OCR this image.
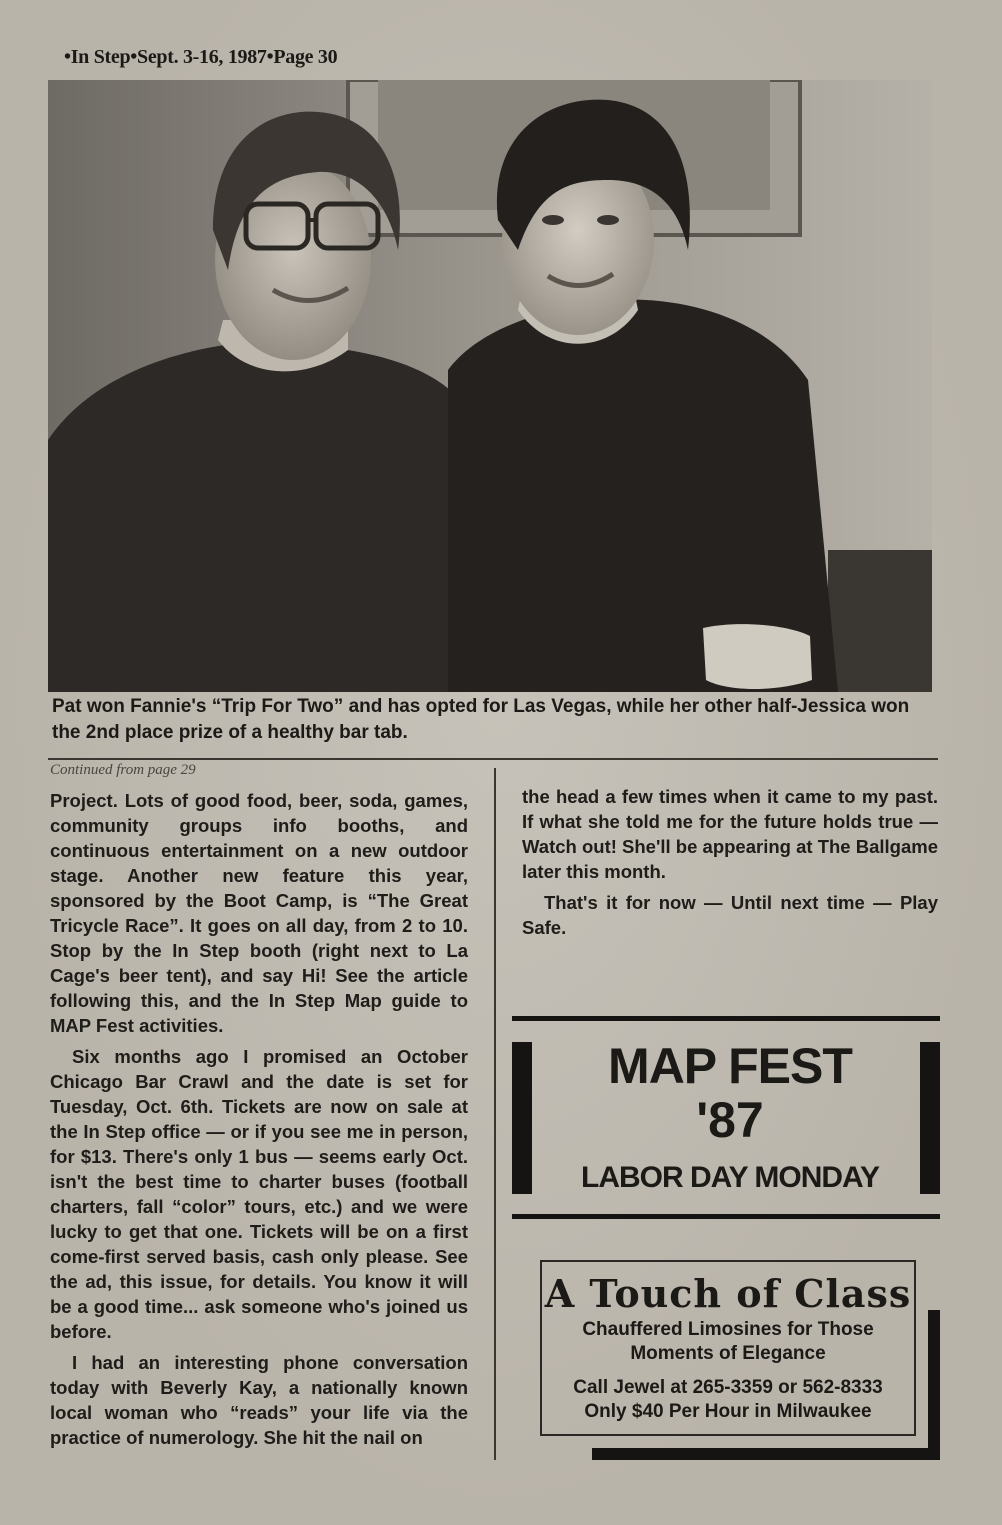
•In Step•Sept. 3-16, 1987•Page 30
Pat won Fannie's “Trip For Two” and has opted for Las Vegas, while her other half-Jessica won the 2nd place prize of a healthy bar tab.
Continued from page 29

Project. Lots of good food, beer, soda, games, community groups info booths, and continuous entertainment on a new outdoor stage. Another new feature this year, sponsored by the Boot Camp, is “The Great Tricycle Race”. It goes on all day, from 2 to 10. Stop by the In Step booth (right next to La Cage's beer tent), and say Hi! See the article following this, and the In Step Map guide to MAP Fest activities.

Six months ago I promised an October Chicago Bar Crawl and the date is set for Tuesday, Oct. 6th. Tickets are now on sale at the In Step office — or if you see me in person, for $13. There's only 1 bus — seems early Oct. isn't the best time to charter buses (football charters, fall “color” tours, etc.) and we were lucky to get that one. Tickets will be on a first come-first served basis, cash only please. See the ad, this issue, for details. You know it will be a good time... ask someone who's joined us before.

I had an interesting phone conversation today with Beverly Kay, a nationally known local woman who “reads” your life via the practice of numerology. She hit the nail on

the head a few times when it came to my past. If what she told me for the future holds true — Watch out! She'll be appearing at The Ballgame later this month.

That's it for now — Until next time — Play Safe.

MAP FEST
'87
LABOR DAY MONDAY
A Touch of Class
Chauffered Limosines for Those
Moments of Elegance
Call Jewel at 265-3359 or 562-8333
Only $40 Per Hour in Milwaukee
